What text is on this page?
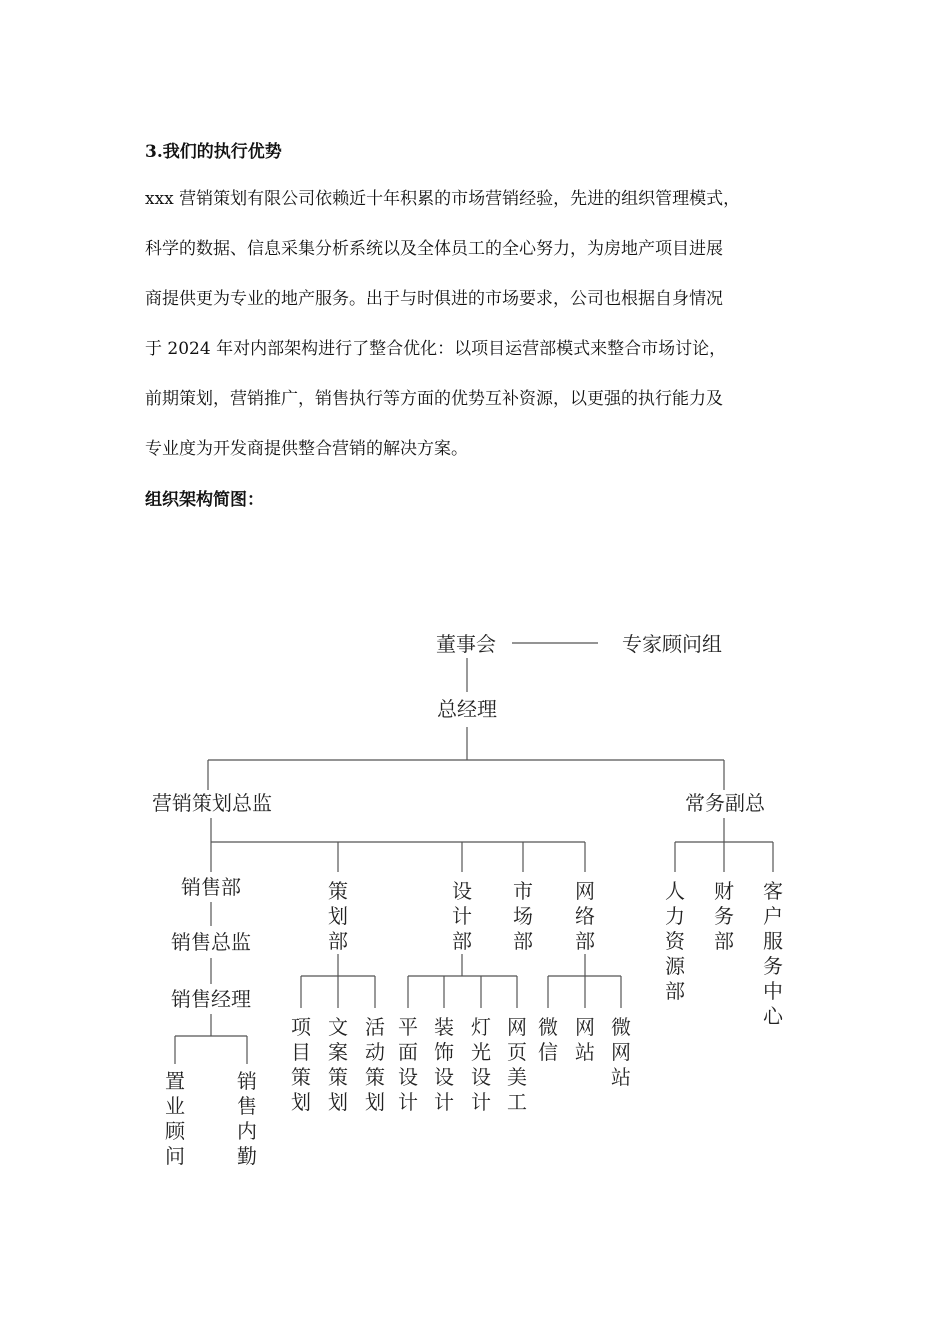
3.我们的执行优势
xxx 营销策划有限公司依赖近十年积累的市场营销经验，先进的组织管理模式，
科学的数据、信息采集分析系统以及全体员工的全心努力，为房地产项目进展
商提供更为专业的地产服务。出于与时俱进的市场要求，公司也根据自身情况
于 2024 年对内部架构进行了整合优化：以项目运营部模式来整合市场讨论，
前期策划，营销推广，销售执行等方面的优势互补资源，以更强的执行能力及
专业度为开发商提供整合营销的解决方案。
组织架构简图：
董事会	专家顾问组
总经理
营销策划总监	常务副总
销售部
销售总监
销售经理
策划部
设计部
市场部
网络部
置业顾问
销售内勤
项目策划
文案策划
活动策划
平面设计
装饰设计
灯光设计
网页美工
微信
网站
微网站
人力资源部
财务部
客户服务中心
